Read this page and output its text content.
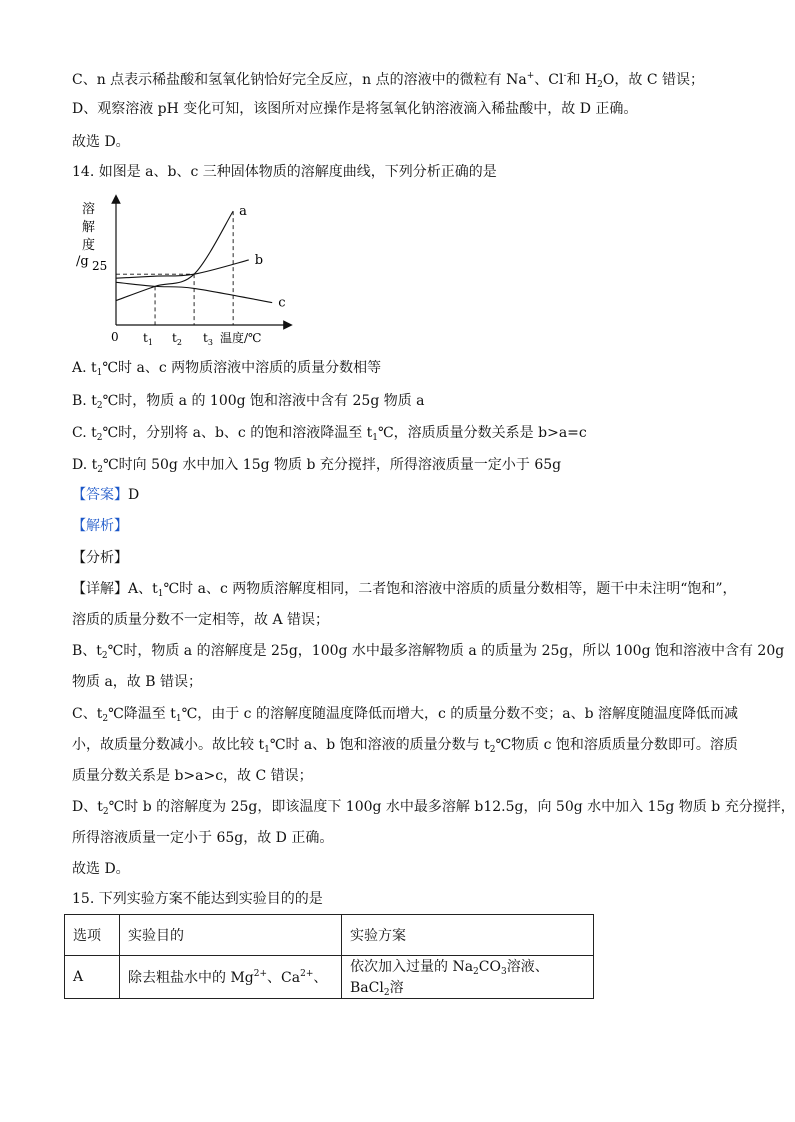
C、n 点表示稀盐酸和氢氧化钠恰好完全反应，n 点的溶液中的微粒有 Na+、Cl-和 $H_2O$，故 C 错误；
D、观察溶液 pH 变化可知，该图所对应操作是将氢氧化钠溶液滴入稀盐酸中，故 D 正确。
故选 D。
14. 如图是 a、b、c 三种固体物质的溶解度曲线，下列分析正确的是
溶
解
度
/g 25
0 $t_1$ $t_2$ $t_3$ 温度/℃
a
b
c
A. $t_1℃$时 a、c 两物质溶液中溶质的质量分数相等
B. $t_2℃$时，物质 a 的 100g 饱和溶液中含有 25g 物质 a
C. $t_2℃$时，分别将 a、b、c 的饱和溶液降温至 $t_1℃$，溶质质量分数关系是 b>a=c
D. $t_2℃$时向 50g 水中加入 15g 物质 b 充分搅拌，所得溶液质量一定小于 65g
【答案】D
【解析】
【分析】
【详解】A、$t_1℃$时 a、c 两物质溶解度相同，二者饱和溶液中溶质的质量分数相等，题干中未注明“饱和”，
溶质的质量分数不一定相等，故 A 错误；
B、$t_2℃$时，物质 a 的溶解度是 25g，100g 水中最多溶解物质 a 的质量为 25g，所以 100g 饱和溶液中含有 20g
物质 a，故 B 错误；
C、$t_2℃$降温至 $t_1℃$，由于 c 的溶解度随温度降低而增大，c 的质量分数不变；a、b 溶解度随温度降低而减
小，故质量分数减小。故比较 $t_1℃$时 a、b 饱和溶液的质量分数与 $t_2℃$物质 c 饱和溶质质量分数即可。溶质
质量分数关系是 b>a>c，故 C 错误；
D、$t_2℃$时 b 的溶解度为 25g，即该温度下 100g 水中最多溶解 b12.5g，向 50g 水中加入 15g 物质 b 充分搅拌，
所得溶液质量一定小于 65g，故 D 正确。
故选 D。
15. 下列实验方案不能达到实验目的的是
选项	实验目的	实验方案
A	除去粗盐水中的 $Mg^{2+}$、$Ca^{2+}$、	依次加入过量的 $Na_2CO_3$溶液、BaCl$_2$溶
